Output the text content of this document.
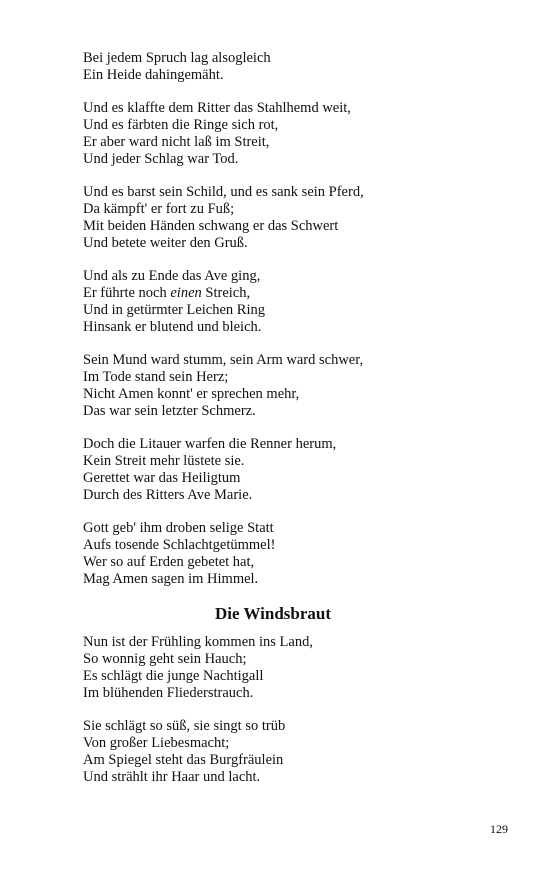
Bei jedem Spruch lag alsogleich
Ein Heide dahingemäht.
Und es klaffte dem Ritter das Stahlhemd weit,
Und es färbten die Ringe sich rot,
Er aber ward nicht laß im Streit,
Und jeder Schlag war Tod.
Und es barst sein Schild, und es sank sein Pferd,
Da kämpft' er fort zu Fuß;
Mit beiden Händen schwang er das Schwert
Und betete weiter den Gruß.
Und als zu Ende das Ave ging,
Er führte noch einen Streich,
Und in getürmter Leichen Ring
Hinsank er blutend und bleich.
Sein Mund ward stumm, sein Arm ward schwer,
Im Tode stand sein Herz;
Nicht Amen konnt' er sprechen mehr,
Das war sein letzter Schmerz.
Doch die Litauer warfen die Renner herum,
Kein Streit mehr lüstete sie.
Gerettet war das Heiligtum
Durch des Ritters Ave Marie.
Gott geb' ihm droben selige Statt
Aufs tosende Schlachtgetümmel!
Wer so auf Erden gebetet hat,
Mag Amen sagen im Himmel.
Die Windsbraut
Nun ist der Frühling kommen ins Land,
So wonnig geht sein Hauch;
Es schlägt die junge Nachtigall
Im blühenden Fliederstrauch.
Sie schlägt so süß, sie singt so trüb
Von großer Liebesmacht;
Am Spiegel steht das Burgfräulein
Und strählt ihr Haar und lacht.
129
